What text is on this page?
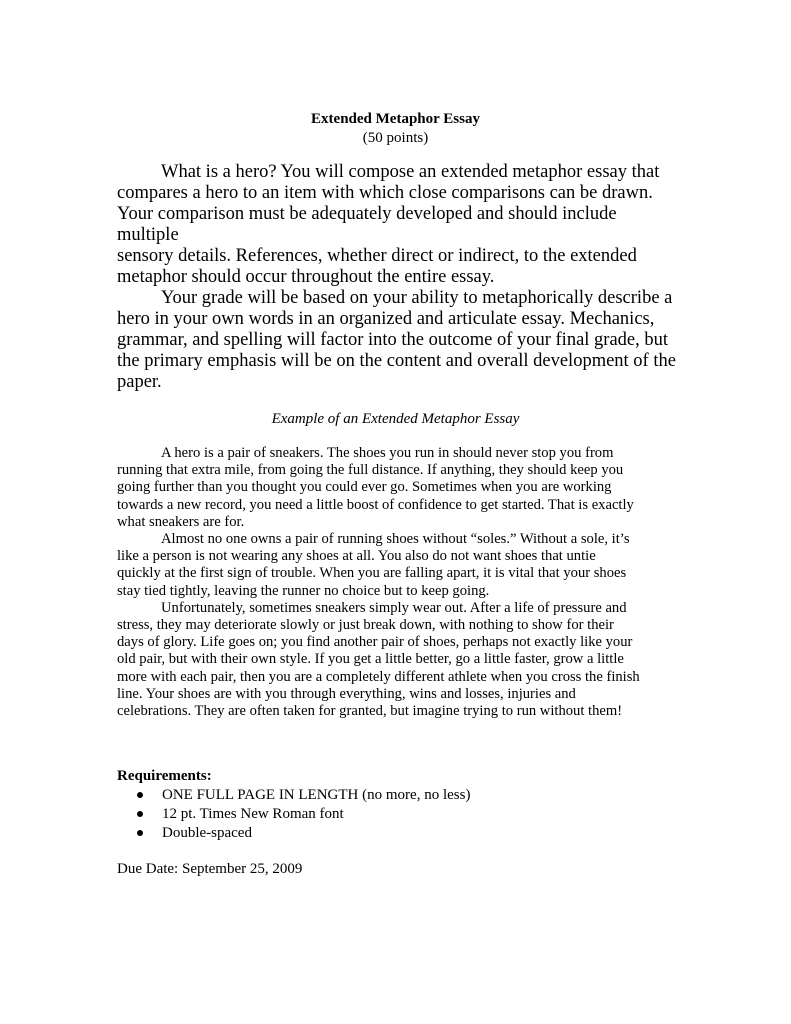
Extended Metaphor Essay
(50 points)
What is a hero? You will compose an extended metaphor essay that
compares a hero to an item with which close comparisons can be drawn.
Your comparison must be adequately developed and should include multiple
sensory details. References, whether direct or indirect, to the extended
metaphor should occur throughout the entire essay.
Your grade will be based on your ability to metaphorically describe a
hero in your own words in an organized and articulate essay. Mechanics,
grammar, and spelling will factor into the outcome of your final grade, but
the primary emphasis will be on the content and overall development of the
paper.
Example of an Extended Metaphor Essay
A hero is a pair of sneakers. The shoes you run in should never stop you from
running that extra mile, from going the full distance. If anything, they should keep you
going further than you thought you could ever go. Sometimes when you are working
towards a new record, you need a little boost of confidence to get started. That is exactly
what sneakers are for.
Almost no one owns a pair of running shoes without “soles.” Without a sole, it’s
like a person is not wearing any shoes at all. You also do not want shoes that untie
quickly at the first sign of trouble. When you are falling apart, it is vital that your shoes
stay tied tightly, leaving the runner no choice but to keep going.
Unfortunately, sometimes sneakers simply wear out. After a life of pressure and
stress, they may deteriorate slowly or just break down, with nothing to show for their
days of glory. Life goes on; you find another pair of shoes, perhaps not exactly like your
old pair, but with their own style. If you get a little better, go a little faster, grow a little
more with each pair, then you are a completely different athlete when you cross the finish
line. Your shoes are with you through everything, wins and losses, injuries and
celebrations. They are often taken for granted, but imagine trying to run without them!
Requirements:
ONE FULL PAGE IN LENGTH (no more, no less)
12 pt. Times New Roman font
Double-spaced
Due Date: September 25, 2009
